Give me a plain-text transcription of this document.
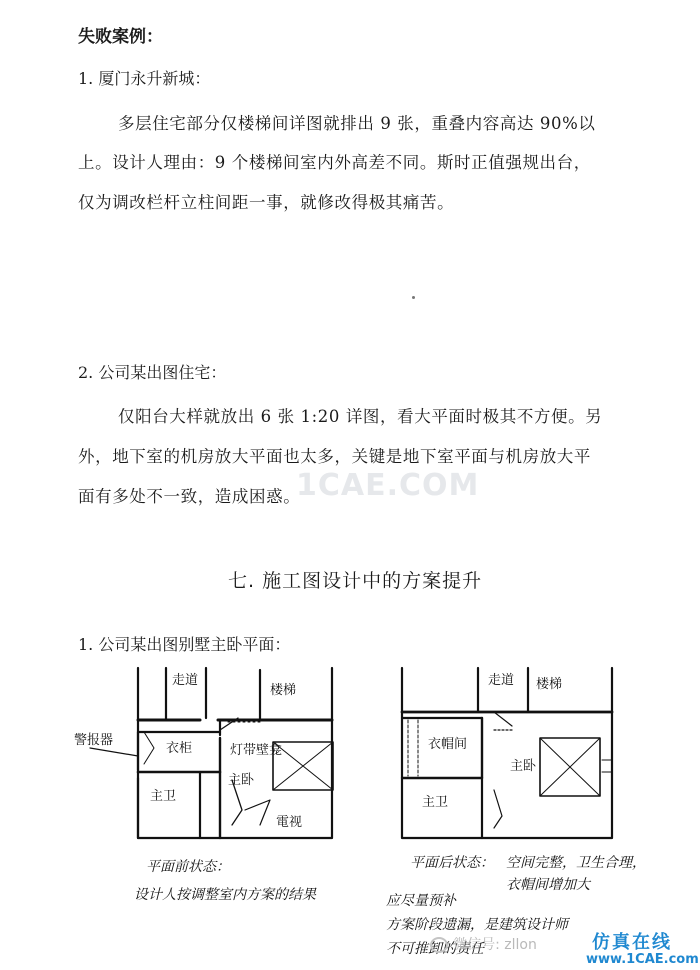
失败案例：
1. 厦门永升新城：
多层住宅部分仅楼梯间详图就排出 9 张，重叠内容高达 90%以
上。设计人理由：9 个楼梯间室内外高差不同。斯时正值强规出台，
仅为调改栏杆立柱间距一事，就修改得极其痛苦。
2. 公司某出图住宅：
仅阳台大样就放出 6 张 1:20 详图，看大平面时极其不方便。另
外，地下室的机房放大平面也太多，关键是地下室平面与机房放大平
面有多处不一致，造成困惑。
1CAE.COM
七. 施工图设计中的方案提升
1. 公司某出图别墅主卧平面：
走道
楼梯
衣柜	灯带壁龛
警报器
主卧
主卫
電视
平面前状态：
设计人按调整室内方案的结果
走道 楼梯
衣帽间
主卧
主卫
平面后状态： 空间完整，卫生合理，
衣帽间增加大
应尽量预补
方案阶段遗漏，是建筑设计师
不可推卸的责任
微信号: zllon	仿真在线
www.1CAE.com
